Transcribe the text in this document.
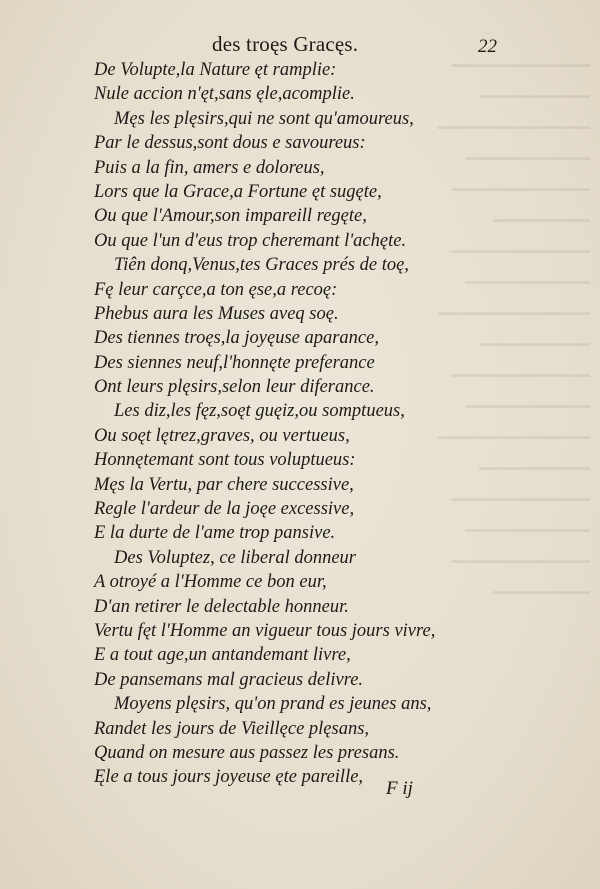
▔▔▔▔▔▔▔▔▔▔
▔▔▔▔▔▔▔▔
▔▔▔▔▔▔▔▔▔▔▔
▔▔▔▔▔▔▔▔▔
▔▔▔▔▔▔▔▔▔▔
▔▔▔▔▔▔▔
▔▔▔▔▔▔▔▔▔▔
▔▔▔▔▔▔▔▔▔
▔▔▔▔▔▔▔▔▔▔▔
▔▔▔▔▔▔▔▔
▔▔▔▔▔▔▔▔▔▔
▔▔▔▔▔▔▔▔▔
▔▔▔▔▔▔▔▔▔▔▔
▔▔▔▔▔▔▔▔
▔▔▔▔▔▔▔▔▔▔
▔▔▔▔▔▔▔▔▔
▔▔▔▔▔▔▔▔▔▔
▔▔▔▔▔▔▔
des troęs Gracęs.	22
De Volupte,la Nature ęt ramplie:
Nule accion n'ęt,sans ęle,acomplie.
Męs les plęsirs,qui ne sont qu'amoureus,
Par le dessus,sont dous e savoureus:
Puis a la fin, amers e doloreus,
Lors que la Grace,a Fortune ęt sugęte,
Ou que l'Amour,son impareill regęte,
Ou que l'un d'eus trop cheremant l'achęte.
Tiên donq,Venus,tes Graces prés de toę,
Fę leur carçce,a ton ęse,a recoę:
Phebus aura les Muses aveq soę.
Des tiennes troęs,la joyęuse aparance,
Des siennes neuf,l'honnęte preferance
Ont leurs plęsirs,selon leur diferance.
Les diz,les fęz,soęt guęiz,ou somptueus,
Ou soęt lętrez,graves, ou vertueus,
Honnętemant sont tous voluptueus:
Męs la Vertu, par chere successive,
Regle l'ardeur de la joęe excessive,
E la durte de l'ame trop pansive.
Des Voluptez, ce liberal donneur
A otroyé a l'Homme ce bon eur,
D'an retirer le delectable honneur.
Vertu fęt l'Homme an vigueur tous jours vivre,
E a tout age,un antandemant livre,
De pansemans mal gracieus delivre.
Moyens plęsirs, qu'on prand es jeunes ans,
Randet les jours de Vieillęce plęsans,
Quand on mesure aus passez les presans.
Ęle a tous jours joyeuse ęte pareille,
F ij
